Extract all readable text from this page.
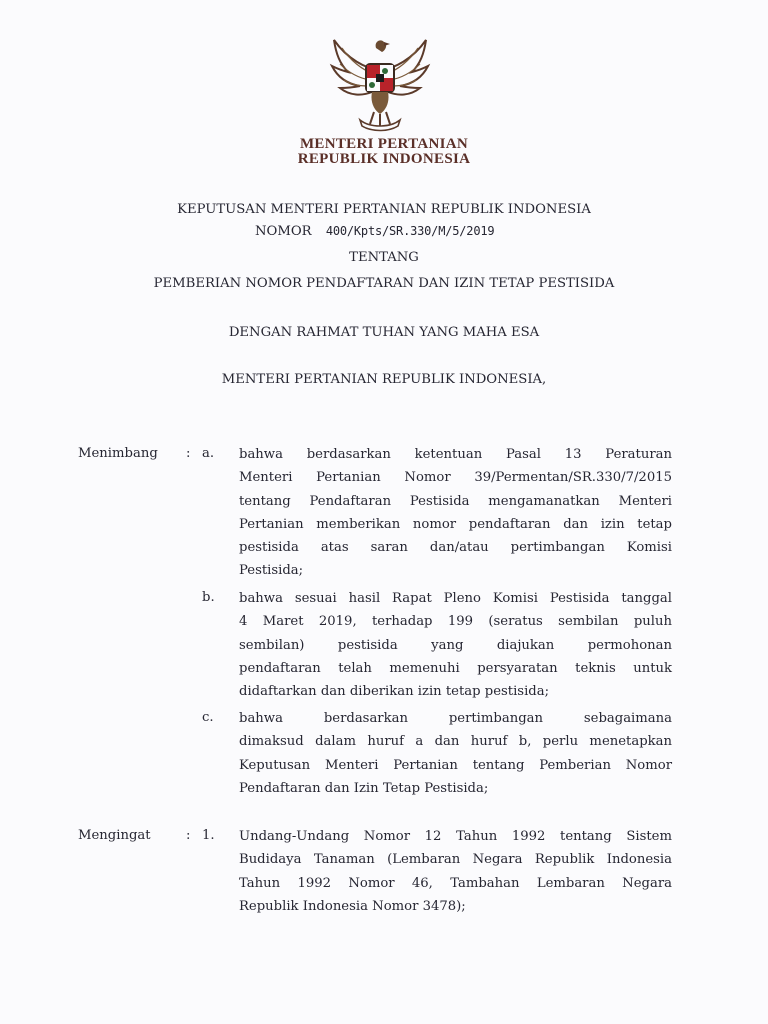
MENTERI PERTANIAN
REPUBLIK INDONESIA
KEPUTUSAN MENTERI PERTANIAN REPUBLIK INDONESIA
NOMOR 400/Kpts/SR.330/M/5/2019
TENTANG
PEMBERIAN NOMOR PENDAFTARAN DAN IZIN TETAP PESTISIDA
DENGAN RAHMAT TUHAN YANG MAHA ESA
MENTERI PERTANIAN REPUBLIK INDONESIA,
Menimbang : a. bahwa berdasarkan ketentuan Pasal 13 Peraturan
Menteri Pertanian Nomor 39/Permentan/SR.330/7/2015
tentang Pendaftaran Pestisida mengamanatkan Menteri
Pertanian memberikan nomor pendaftaran dan izin tetap
pestisida atas saran dan/atau pertimbangan Komisi
Pestisida;
b. bahwa sesuai hasil Rapat Pleno Komisi Pestisida tanggal
4 Maret 2019, terhadap 199 (seratus sembilan puluh
sembilan) pestisida yang diajukan permohonan
pendaftaran telah memenuhi persyaratan teknis untuk
didaftarkan dan diberikan izin tetap pestisida;
c. bahwa berdasarkan pertimbangan sebagaimana
dimaksud dalam huruf a dan huruf b, perlu menetapkan
Keputusan Menteri Pertanian tentang Pemberian Nomor
Pendaftaran dan Izin Tetap Pestisida;
Mengingat	: 1. Undang-Undang Nomor 12 Tahun 1992 tentang Sistem
Budidaya Tanaman (Lembaran Negara Republik Indonesia
Tahun 1992 Nomor 46, Tambahan Lembaran Negara
Republik Indonesia Nomor 3478);
